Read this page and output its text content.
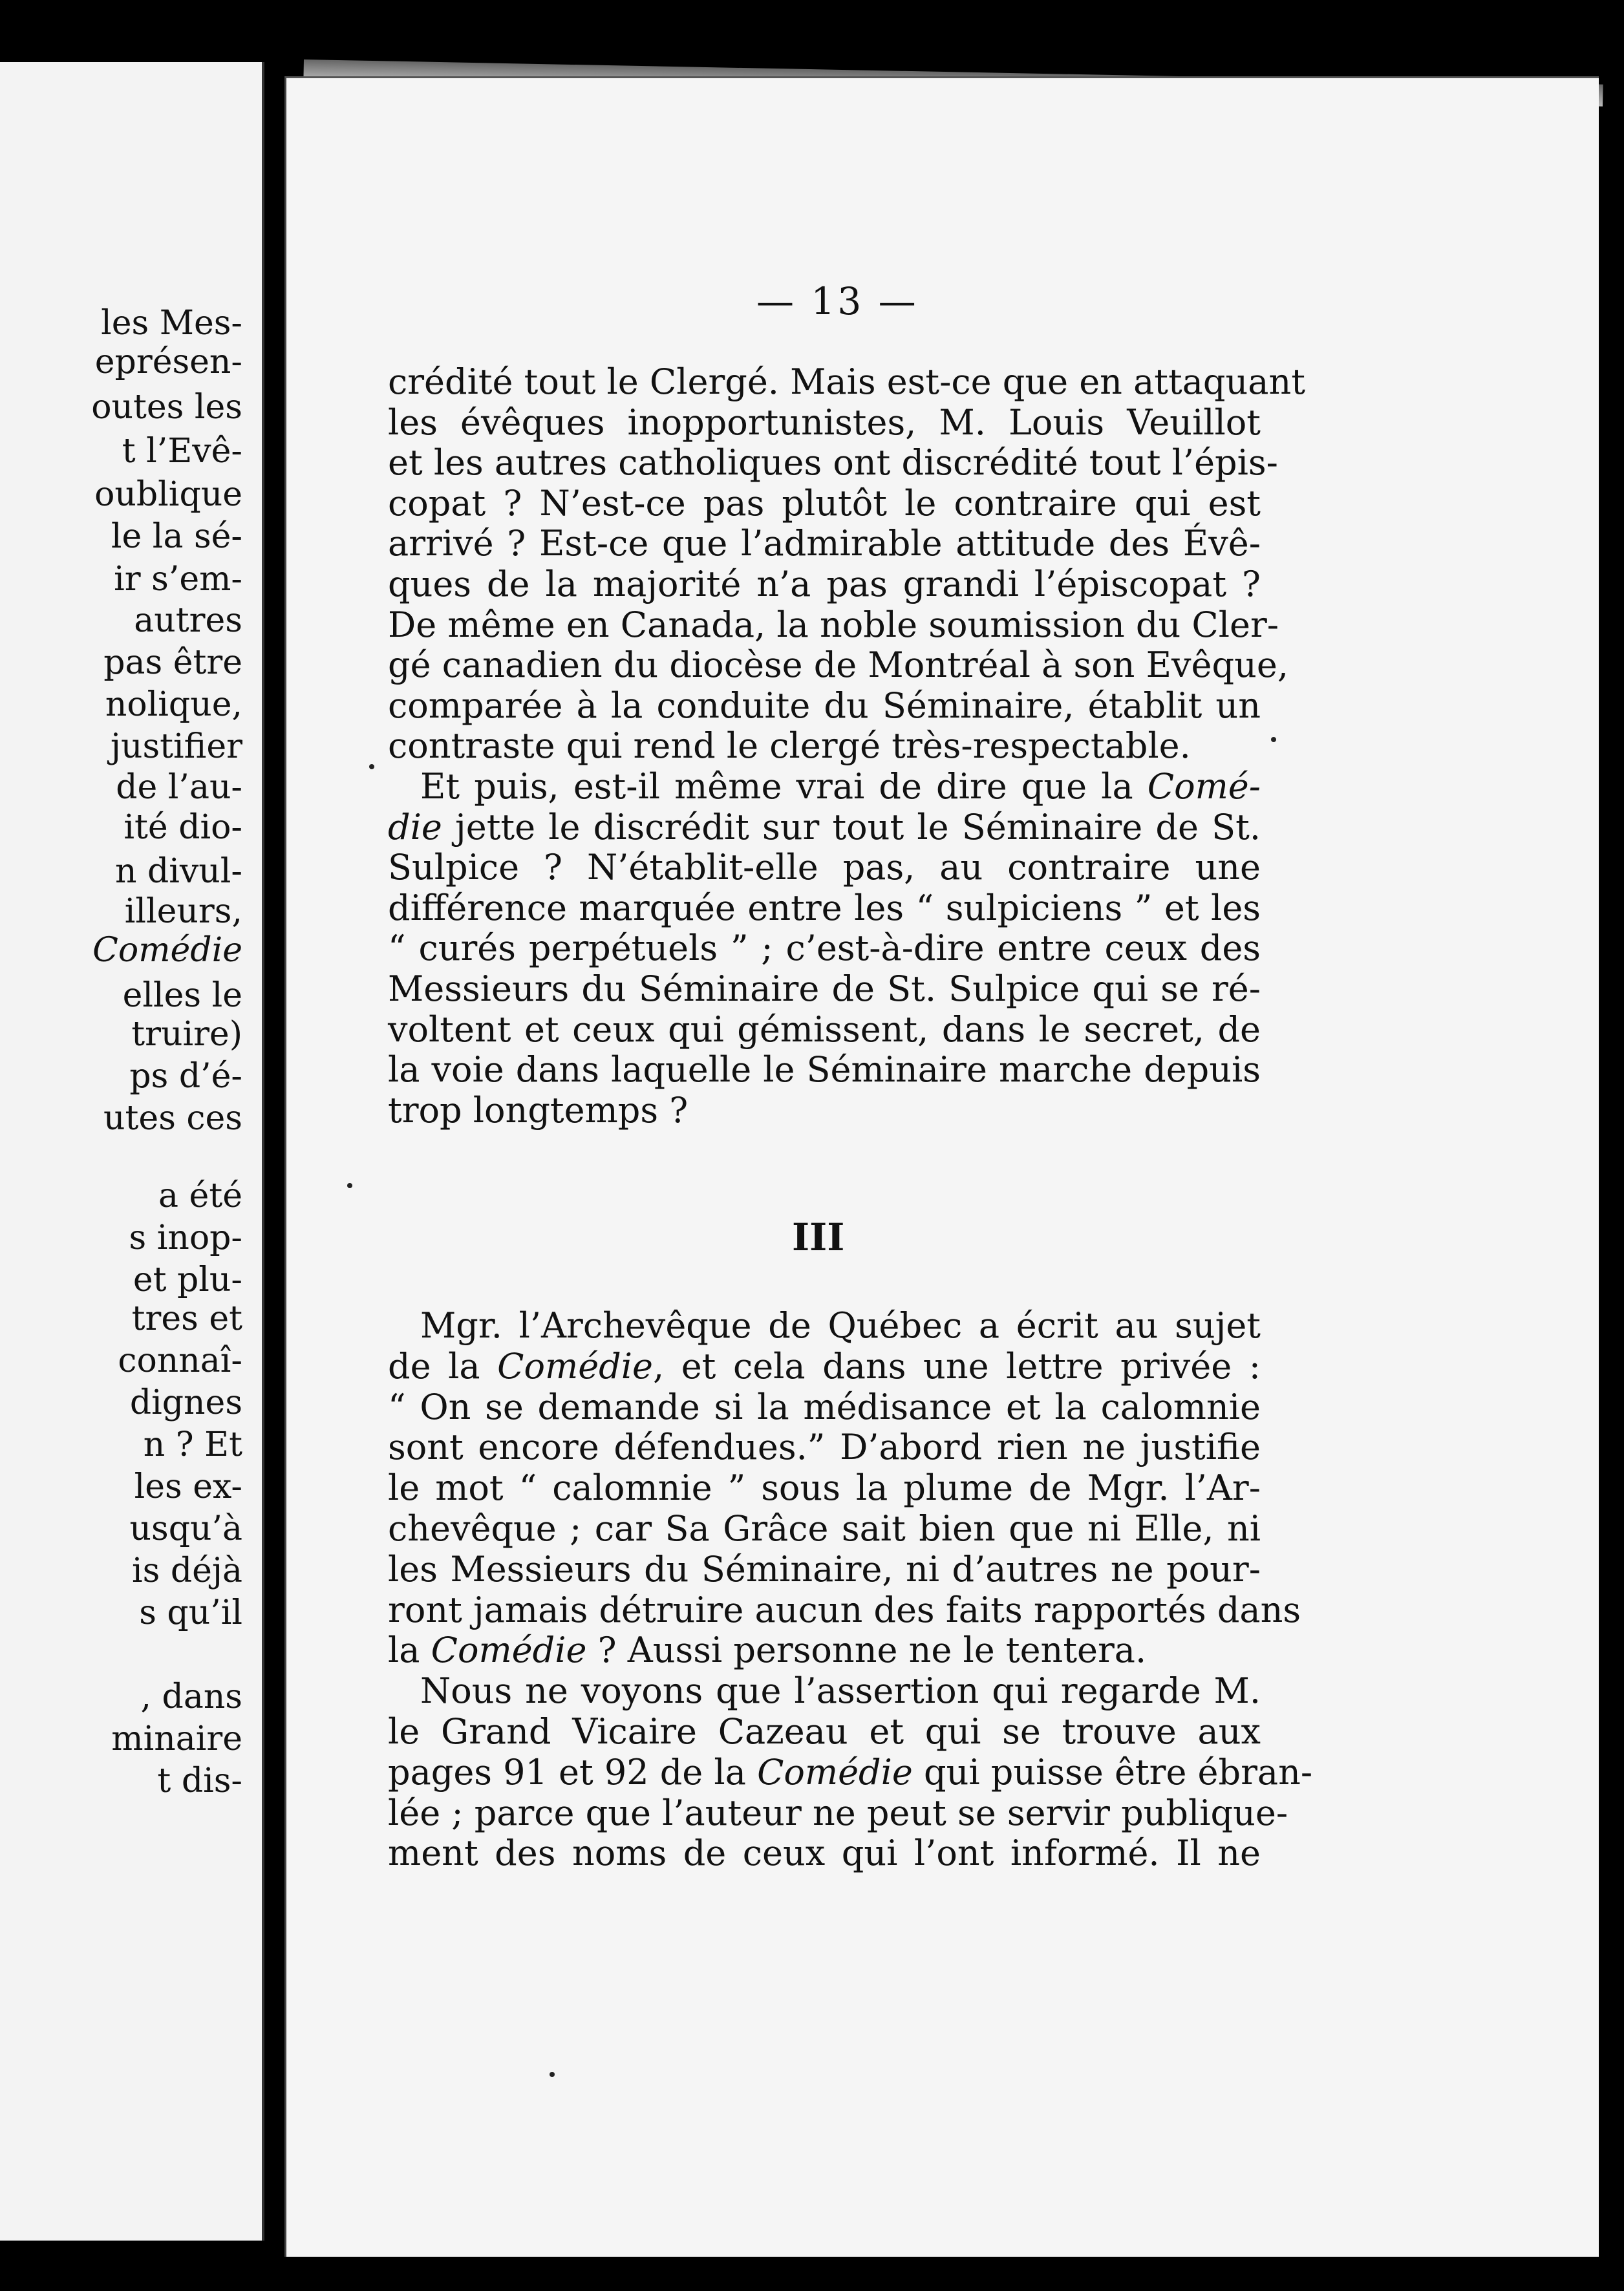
les Mes-
eprésen-
outes les
t l’Evê-
oublique
le la sé-
ir s’em-
autres
pas être
nolique,
justifier
de l’au-
ité dio-
n divul-
illeurs,
Comédie
elles le
truire)
ps d’é-
utes ces
a été
s inop-
et plu-
tres et
connaî-
dignes
n ? Et
les ex-
usqu’à
is déjà
s qu’il
, dans
minaire
t dis-
— 13 —
crédité tout le Clergé. Mais est-ce que en attaquant
les évêques inopportunistes, M. Louis Veuillot
et les autres catholiques ont discrédité tout l’épis-
copat ? N’est-ce pas plutôt le contraire qui est
arrivé ? Est-ce que l’admirable attitude des Évê-
ques de la majorité n’a pas grandi l’épiscopat ?
De même en Canada, la noble soumission du Cler-
gé canadien du diocèse de Montréal à son Evêque,
comparée à la conduite du Séminaire, établit un
contraste qui rend le clergé très-respectable.
Et puis, est-il même vrai de dire que la Comé-
die jette le discrédit sur tout le Séminaire de St.
Sulpice ? N’établit-elle pas, au contraire une
différence marquée entre les “ sulpiciens ” et les
“ curés perpétuels ” ; c’est-à-dire entre ceux des
Messieurs du Séminaire de St. Sulpice qui se ré-
voltent et ceux qui gémissent, dans le secret, de
la voie dans laquelle le Séminaire marche depuis
trop longtemps ?
Mgr. l’Archevêque de Québec a écrit au sujet
de la Comédie, et cela dans une lettre privée :
“ On se demande si la médisance et la calomnie
sont encore défendues.” D’abord rien ne justifie
le mot “ calomnie ” sous la plume de Mgr. l’Ar-
chevêque ; car Sa Grâce sait bien que ni Elle, ni
les Messieurs du Séminaire, ni d’autres ne pour-
ront jamais détruire aucun des faits rapportés dans
la Comédie ? Aussi personne ne le tentera.
Nous ne voyons que l’assertion qui regarde M.
le Grand Vicaire Cazeau et qui se trouve aux
pages 91 et 92 de la Comédie qui puisse être ébran-
lée ; parce que l’auteur ne peut se servir publique-
ment des noms de ceux qui l’ont informé. Il ne
III
